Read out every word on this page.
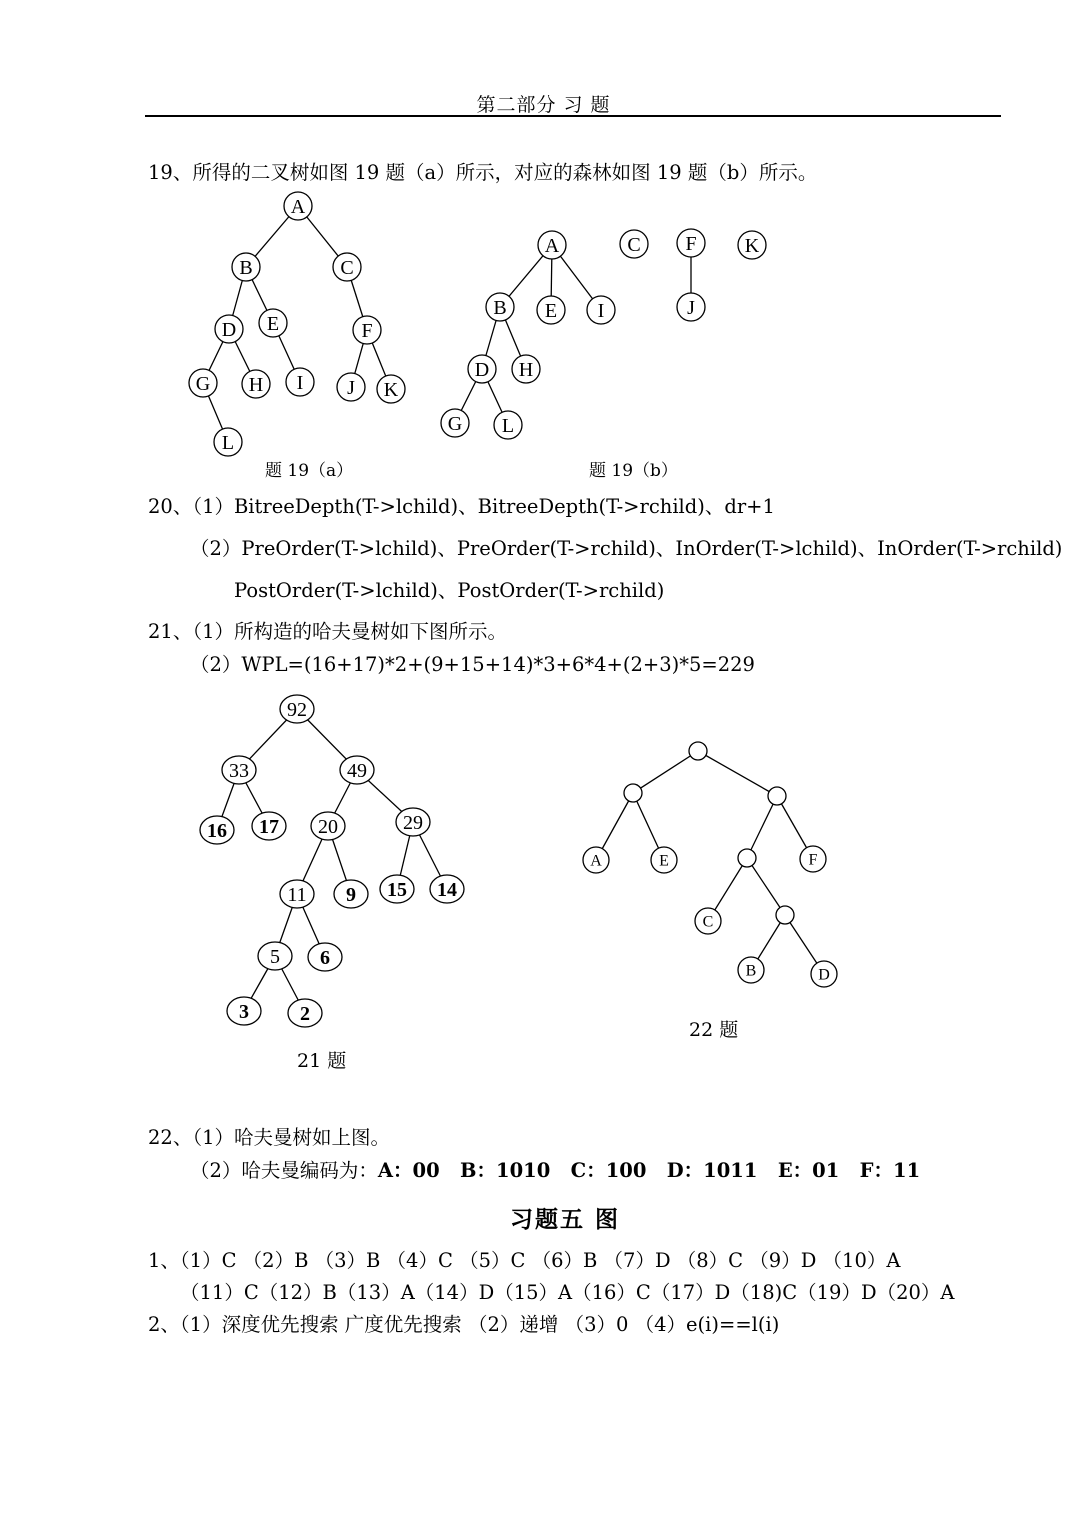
第二部分 习 题
19、所得的二叉树如图 19 题（a）所示，对应的森林如图 19 题（b）所示。
A
B	C
D E	F
G H I J K
L
A
B E I
D H
G L
C F
J
K
92
33	49
16 17 20	29
11 9 15 14
5 6
3	2
A	E	F
C
B	D
题 19（a）	题 19（b）
20、（1）BitreeDepth(T->lchild)、BitreeDepth(T->rchild)、dr+1
（2）PreOrder(T->lchild)、PreOrder(T->rchild)、InOrder(T->lchild)、InOrder(T->rchild)
PostOrder(T->lchild)、PostOrder(T->rchild)
21、（1）所构造的哈夫曼树如下图所示。
（2）WPL=(16+17)*2+(9+15+14)*3+6*4+(2+3)*5=229
21 题
22 题
22、（1）哈夫曼树如上图。
（2）哈夫曼编码为：A：00   B：1010   C：100   D：1011   E：01   F：11
习题五 图
1、（1）C （2）B （3）B （4）C （5）C （6）B （7）D （8）C （9）D （10）A
（11）C（12）B（13）A（14）D（15）A（16）C（17）D（18)C（19）D（20）A
2、（1）深度优先搜索 广度优先搜索 （2）递增 （3）0 （4）e(i)==l(i)
